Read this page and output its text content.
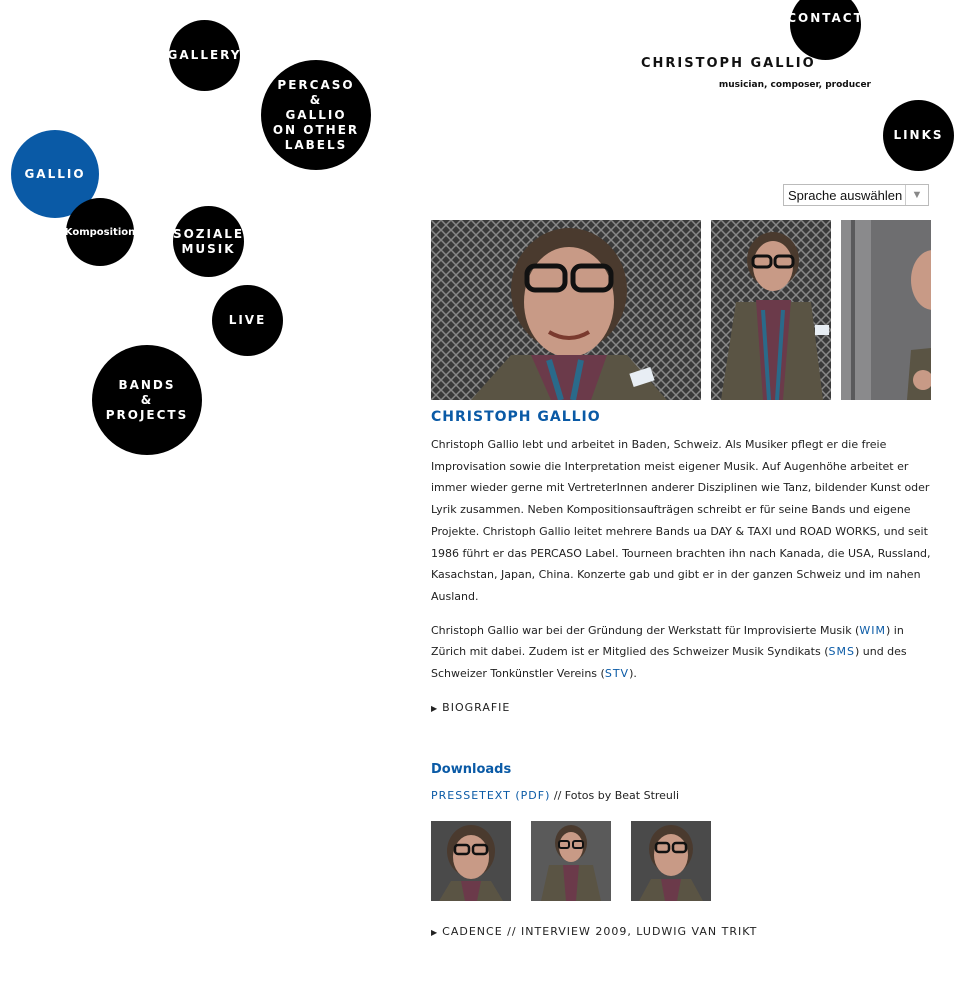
GALLERY
PERCASO
&
GALLIO
ON OTHER
LABELS
GALLIO
Komposition	SOZIALE
MUSIK
LIVE
BANDS
&
PROJECTS
CONTACT
LINKS
CHRISTOPH GALLIO
musician, composer, producer
Sprache auswählen ▼
CHRISTOPH GALLIO

Christoph Gallio lebt und arbeitet in Baden, Schweiz. Als Musiker pflegt er die freie Improvisation sowie die Interpretation meist eigener Musik. Auf Augenhöhe arbeitet er immer wieder gerne mit VertreterInnen anderer Disziplinen wie Tanz, bildender Kunst oder Lyrik zusammen. Neben Kompositionsaufträgen schreibt er für seine Bands und eigene Projekte. Christoph Gallio leitet mehrere Bands ua DAY & TAXI und ROAD WORKS, und seit 1986 führt er das PERCASO Label. Tourneen brachten ihn nach Kanada, die USA, Russland, Kasachstan, Japan, China. Konzerte gab und gibt er in der ganzen Schweiz und im nahen Ausland.

Christoph Gallio war bei der Gründung der Werkstatt für Improvisierte Musik (WIM) in Zürich mit dabei. Zudem ist er Mitglied des Schweizer Musik Syndikats (SMS) und des Schweizer Tonkünstler Vereins (STV).

▶ BIOGRAFIE
Downloads
PRESSETEXT (PDF) // Fotos by Beat Streuli
▶ CADENCE // INTERVIEW 2009, LUDWIG VAN TRIKT
